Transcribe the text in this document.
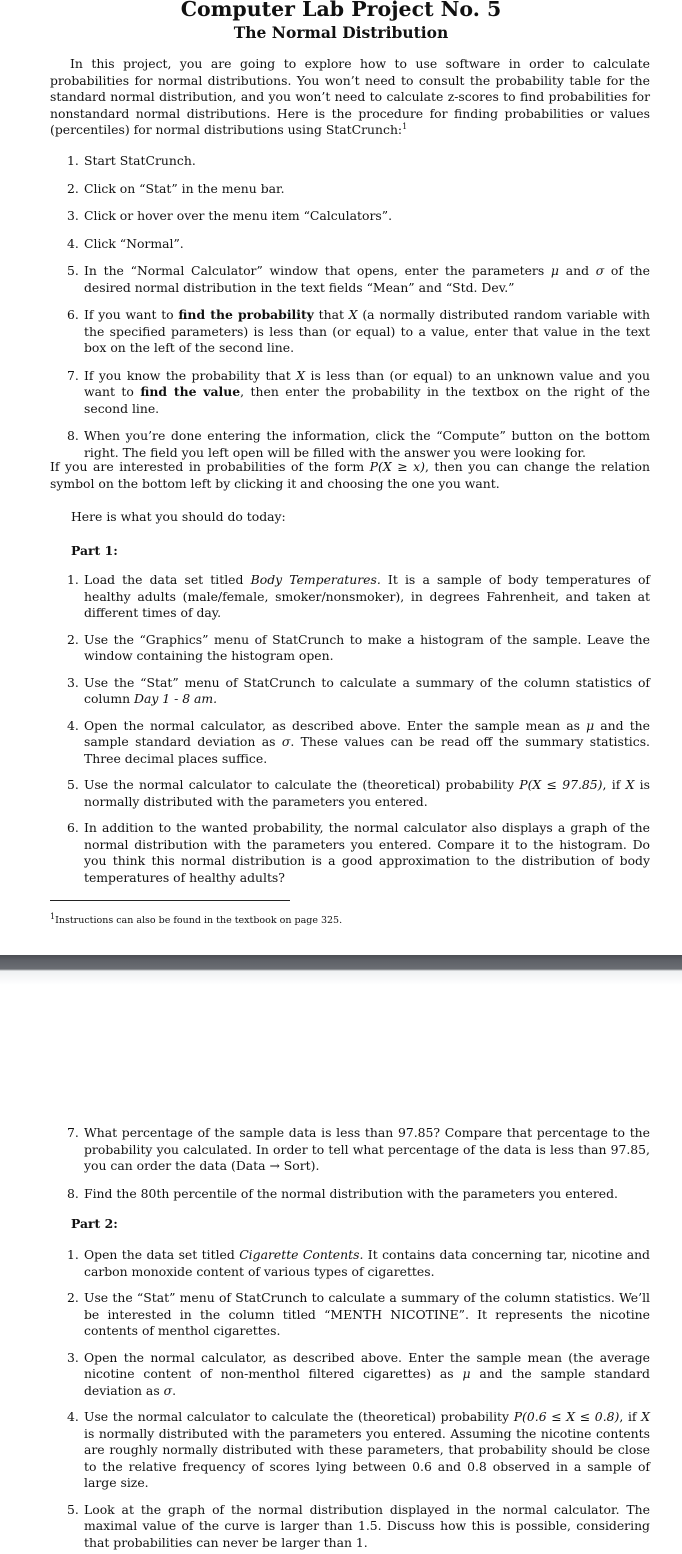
Computer Lab Project No. 5
The Normal Distribution

In this project, you are going to explore how to use software in order to calculate probabilities for normal distributions. You won’t need to consult the probability table for the standard normal distribution, and you won’t need to calculate z-scores to find probabilities for nonstandard normal distributions. Here is the procedure for finding probabilities or values (percentiles) for normal distributions using StatCrunch:$^1$

1. Start StatCrunch.
2. Click on “Stat” in the menu bar.
3. Click or hover over the menu item “Calculators”.
4. Click “Normal”.
5. In the “Normal Calculator” window that opens, enter the parameters μ and σ of the desired normal distribution in the text fields “Mean” and “Std. Dev.”
6. If you want to find the probability that X (a normally distributed random variable with the specified parameters) is less than (or equal) to a value, enter that value in the text box on the left of the second line.
7. If you know the probability that X is less than (or equal) to an unknown value and you want to find the value, then enter the probability in the textbox on the right of the second line.
8. When you’re done entering the information, click the “Compute” button on the bottom right. The field you left open will be filled with the answer you were looking for.

If you are interested in probabilities of the form P(X ≥ x), then you can change the relation symbol on the bottom left by clicking it and choosing the one you want.

Here is what you should do today:

Part 1:

1. Load the data set titled Body Temperatures. It is a sample of body temperatures of healthy adults (male/female, smoker/nonsmoker), in degrees Fahrenheit, and taken at different times of day.
2. Use the “Graphics” menu of StatCrunch to make a histogram of the sample. Leave the window containing the histogram open.
3. Use the “Stat” menu of StatCrunch to calculate a summary of the column statistics of column Day 1 - 8 am.
4. Open the normal calculator, as described above. Enter the sample mean as μ and the sample standard deviation as σ. These values can be read off the summary statistics. Three decimal places suffice.
5. Use the normal calculator to calculate the (theoretical) probability P(X ≤ 97.85), if X is normally distributed with the parameters you entered.
6. In addition to the wanted probability, the normal calculator also displays a graph of the normal distribution with the parameters you entered. Compare it to the histogram. Do you think this normal distribution is a good approximation to the distribution of body temperatures of healthy adults?

$^1$Instructions can also be found in the textbook on page 325.

7. What percentage of the sample data is less than 97.85? Compare that percentage to the probability you calculated. In order to tell what percentage of the data is less than 97.85, you can order the data (Data → Sort).
8. Find the 80th percentile of the normal distribution with the parameters you entered.

Part 2:

1. Open the data set titled Cigarette Contents. It contains data concerning tar, nicotine and carbon monoxide content of various types of cigarettes.
2. Use the “Stat” menu of StatCrunch to calculate a summary of the column statistics. We’ll be interested in the column titled “MENTH NICOTINE”. It represents the nicotine contents of menthol cigarettes.
3. Open the normal calculator, as described above. Enter the sample mean (the average nicotine content of non-menthol filtered cigarettes) as μ and the sample standard deviation as σ.
4. Use the normal calculator to calculate the (theoretical) probability P(0.6 ≤ X ≤ 0.8), if X is normally distributed with the parameters you entered. Assuming the nicotine contents are roughly normally distributed with these parameters, that probability should be close to the relative frequency of scores lying between 0.6 and 0.8 observed in a sample of large size.
5. Look at the graph of the normal distribution displayed in the normal calculator. The maximal value of the curve is larger than 1.5. Discuss how this is possible, considering that probabilities can never be larger than 1.
